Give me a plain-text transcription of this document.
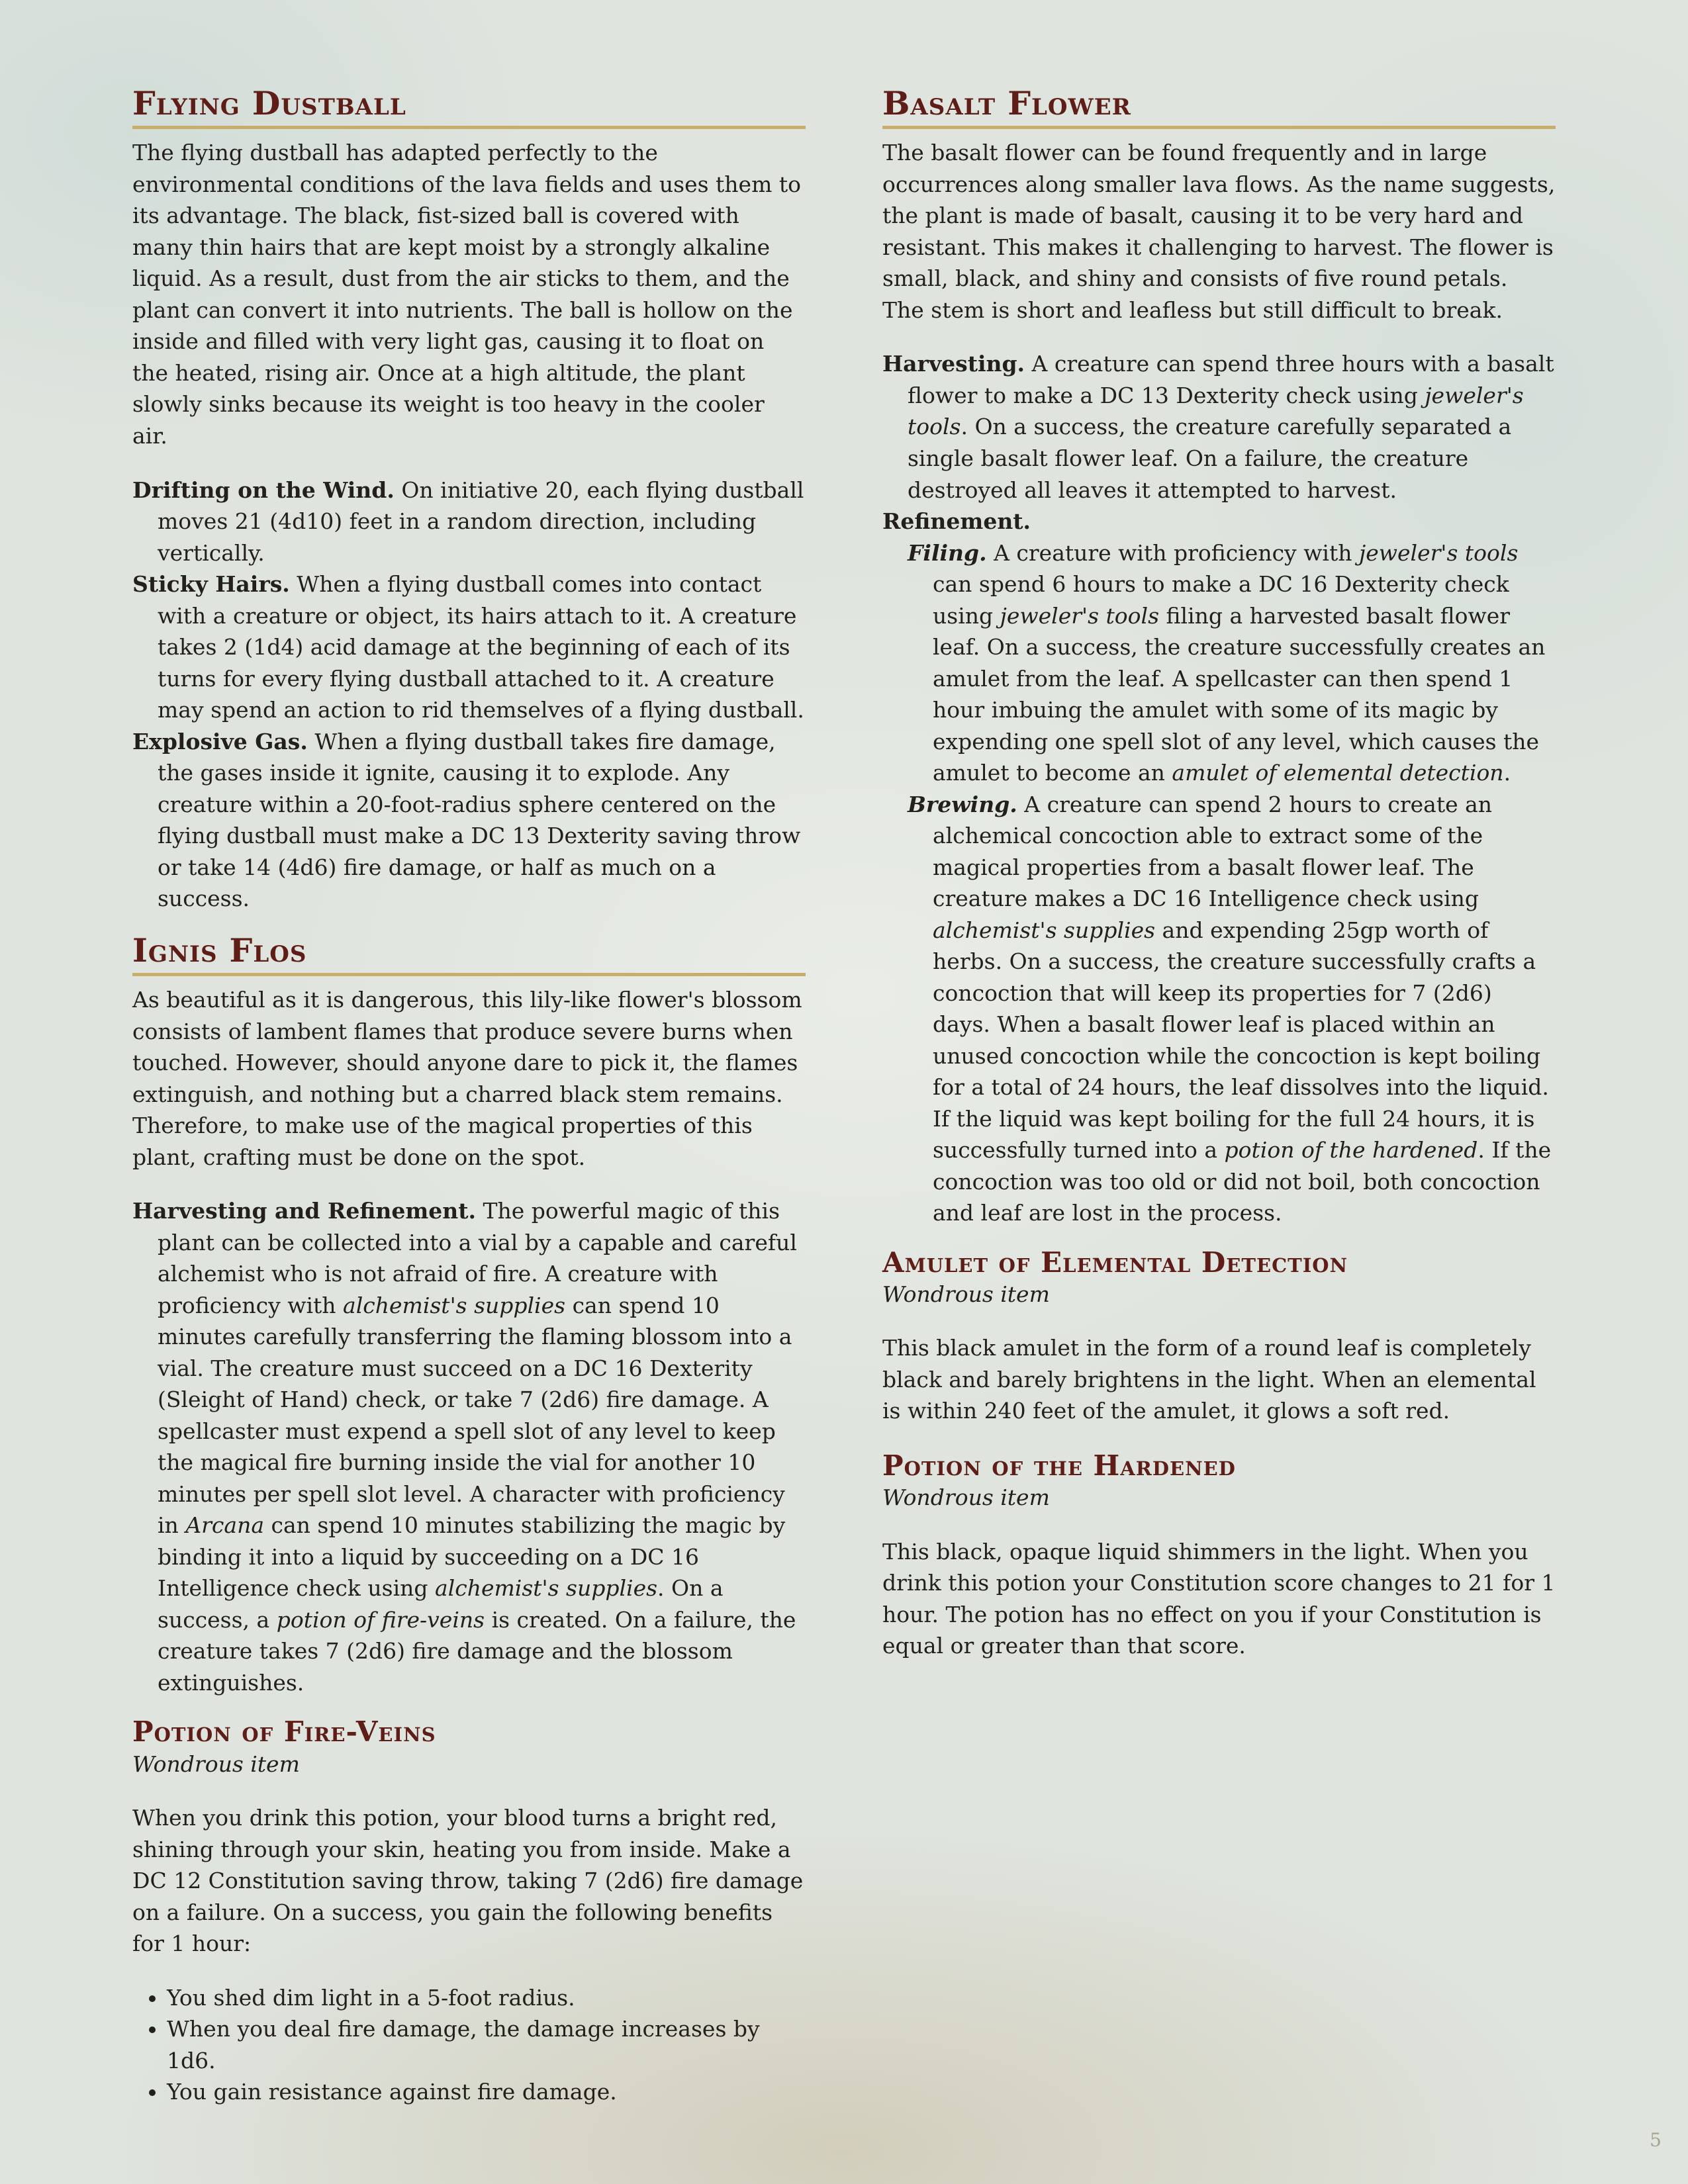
Flying Dustball

The flying dustball has adapted perfectly to the environmental conditions of the lava fields and uses them to its advantage. The black, fist-sized ball is covered with many thin hairs that are kept moist by a strongly alkaline liquid. As a result, dust from the air sticks to them, and the plant can convert it into nutrients. The ball is hollow on the inside and filled with very light gas, causing it to float on the heated, rising air. Once at a high altitude, the plant slowly sinks because its weight is too heavy in the cooler air.

Drifting on the Wind. On initiative 20, each flying dustball moves 21 (4d10) feet in a random direction, including vertically.

Sticky Hairs. When a flying dustball comes into contact with a creature or object, its hairs attach to it. A creature takes 2 (1d4) acid damage at the beginning of each of its turns for every flying dustball attached to it. A creature may spend an action to rid themselves of a flying dustball.

Explosive Gas. When a flying dustball takes fire damage, the gases inside it ignite, causing it to explode. Any creature within a 20-foot-radius sphere centered on the flying dustball must make a DC 13 Dexterity saving throw or take 14 (4d6) fire damage, or half as much on a success.

Ignis Flos

As beautiful as it is dangerous, this lily-like flower's blossom consists of lambent flames that produce severe burns when touched. However, should anyone dare to pick it, the flames extinguish, and nothing but a charred black stem remains. Therefore, to make use of the magical properties of this plant, crafting must be done on the spot.

Harvesting and Refinement. The powerful magic of this plant can be collected into a vial by a capable and careful alchemist who is not afraid of fire. A creature with proficiency with alchemist's supplies can spend 10 minutes carefully transferring the flaming blossom into a vial. The creature must succeed on a DC 16 Dexterity (Sleight of Hand) check, or take 7 (2d6) fire damage. A spellcaster must expend a spell slot of any level to keep the magical fire burning inside the vial for another 10 minutes per spell slot level. A character with proficiency in Arcana can spend 10 minutes stabilizing the magic by binding it into a liquid by succeeding on a DC 16 Intelligence check using alchemist's supplies. On a success, a potion of fire-veins is created. On a failure, the creature takes 7 (2d6) fire damage and the blossom extinguishes.

Potion of Fire-Veins
Wondrous item

When you drink this potion, your blood turns a bright red, shining through your skin, heating you from inside. Make a DC 12 Constitution saving throw, taking 7 (2d6) fire damage on a failure. On a success, you gain the following benefits for 1 hour:

• You shed dim light in a 5-foot radius.
• When you deal fire damage, the damage increases by 1d6.
• You gain resistance against fire damage.
Basalt Flower

The basalt flower can be found frequently and in large occurrences along smaller lava flows. As the name suggests, the plant is made of basalt, causing it to be very hard and resistant. This makes it challenging to harvest. The flower is small, black, and shiny and consists of five round petals. The stem is short and leafless but still difficult to break.

Harvesting. A creature can spend three hours with a basalt flower to make a DC 13 Dexterity check using jeweler's tools. On a success, the creature carefully separated a single basalt flower leaf. On a failure, the creature destroyed all leaves it attempted to harvest.

Refinement.

Filing. A creature with proficiency with jeweler's tools can spend 6 hours to make a DC 16 Dexterity check using jeweler's tools filing a harvested basalt flower leaf. On a success, the creature successfully creates an amulet from the leaf. A spellcaster can then spend 1 hour imbuing the amulet with some of its magic by expending one spell slot of any level, which causes the amulet to become an amulet of elemental detection.

Brewing. A creature can spend 2 hours to create an alchemical concoction able to extract some of the magical properties from a basalt flower leaf. The creature makes a DC 16 Intelligence check using alchemist's supplies and expending 25gp worth of herbs. On a success, the creature successfully crafts a concoction that will keep its properties for 7 (2d6) days. When a basalt flower leaf is placed within an unused concoction while the concoction is kept boiling for a total of 24 hours, the leaf dissolves into the liquid. If the liquid was kept boiling for the full 24 hours, it is successfully turned into a potion of the hardened. If the concoction was too old or did not boil, both concoction and leaf are lost in the process.

Amulet of Elemental Detection
Wondrous item

This black amulet in the form of a round leaf is completely black and barely brightens in the light. When an elemental is within 240 feet of the amulet, it glows a soft red.

Potion of the Hardened
Wondrous item

This black, opaque liquid shimmers in the light. When you drink this potion your Constitution score changes to 21 for 1 hour. The potion has no effect on you if your Constitution is equal or greater than that score.

5
